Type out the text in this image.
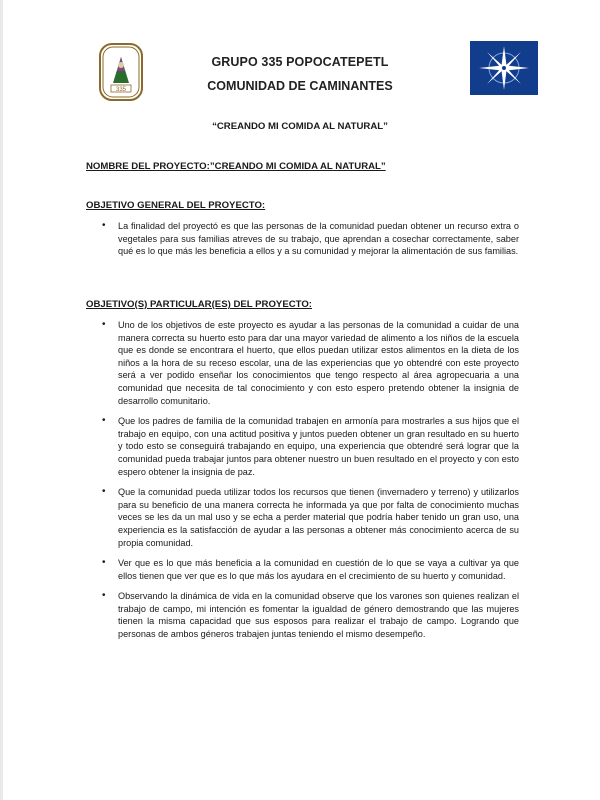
335
GRUPO 335 POPOCATEPETL
COMUNIDAD DE CAMINANTES
“CREANDO MI COMIDA AL NATURAL”
NOMBRE DEL PROYECTO:”CREANDO MI COMIDA AL NATURAL”
OBJETIVO GENERAL DEL PROYECTO:
• La finalidad del proyectó es que las personas de la comunidad puedan obtener un recurso extra o vegetales para sus familias atreves de su trabajo, que aprendan a cosechar correctamente, saber qué es lo que más les beneficia a ellos y a su comunidad y mejorar la alimentación de sus familias.
OBJETIVO(S) PARTICULAR(ES) DEL PROYECTO:
• Uno de los objetivos de este proyecto es ayudar a las personas de la comunidad a cuidar de una manera correcta su huerto esto para dar una mayor variedad de alimento a los niños de la escuela que es donde se encontrara el huerto, que ellos puedan utilizar estos alimentos en la dieta de los niños a la hora de su receso escolar, una de las experiencias que yo obtendré con este proyecto será a ver podido enseñar los conocimientos que tengo respecto al área agropecuaria a una comunidad que necesita de tal conocimiento y con esto espero pretendo obtener la insignia de desarrollo comunitario.
• Que los padres de familia de la comunidad trabajen en armonía para mostrarles a sus hijos que el trabajo en equipo, con una actitud positiva y juntos pueden obtener un gran resultado en su huerto y todo esto se conseguirá trabajando en equipo, una experiencia que obtendré será lograr que la comunidad pueda trabajar juntos para obtener nuestro un buen resultado en el proyecto y con esto espero obtener la insignia de paz.
• Que la comunidad pueda utilizar todos los recursos que tienen (invernadero y terreno) y utilizarlos para su beneficio de una manera correcta he informada ya que por falta de conocimiento muchas veces se les da un mal uso y se echa a perder material que podría haber tenido un gran uso, una experiencia es la satisfacción de ayudar a las personas a obtener más conocimiento acerca de su propia comunidad.
• Ver que es lo que más beneficia a la comunidad en cuestión de lo que se vaya a cultivar ya que ellos tienen que ver que es lo que más los ayudara en el crecimiento de su huerto y comunidad.
• Observando la dinámica de vida en la comunidad observe que los varones son quienes realizan el trabajo de campo, mi intención es fomentar la igualdad de género demostrando que las mujeres tienen la misma capacidad que sus esposos para realizar el trabajo de campo. Logrando que personas de ambos géneros trabajen juntas teniendo el mismo desempeño.
